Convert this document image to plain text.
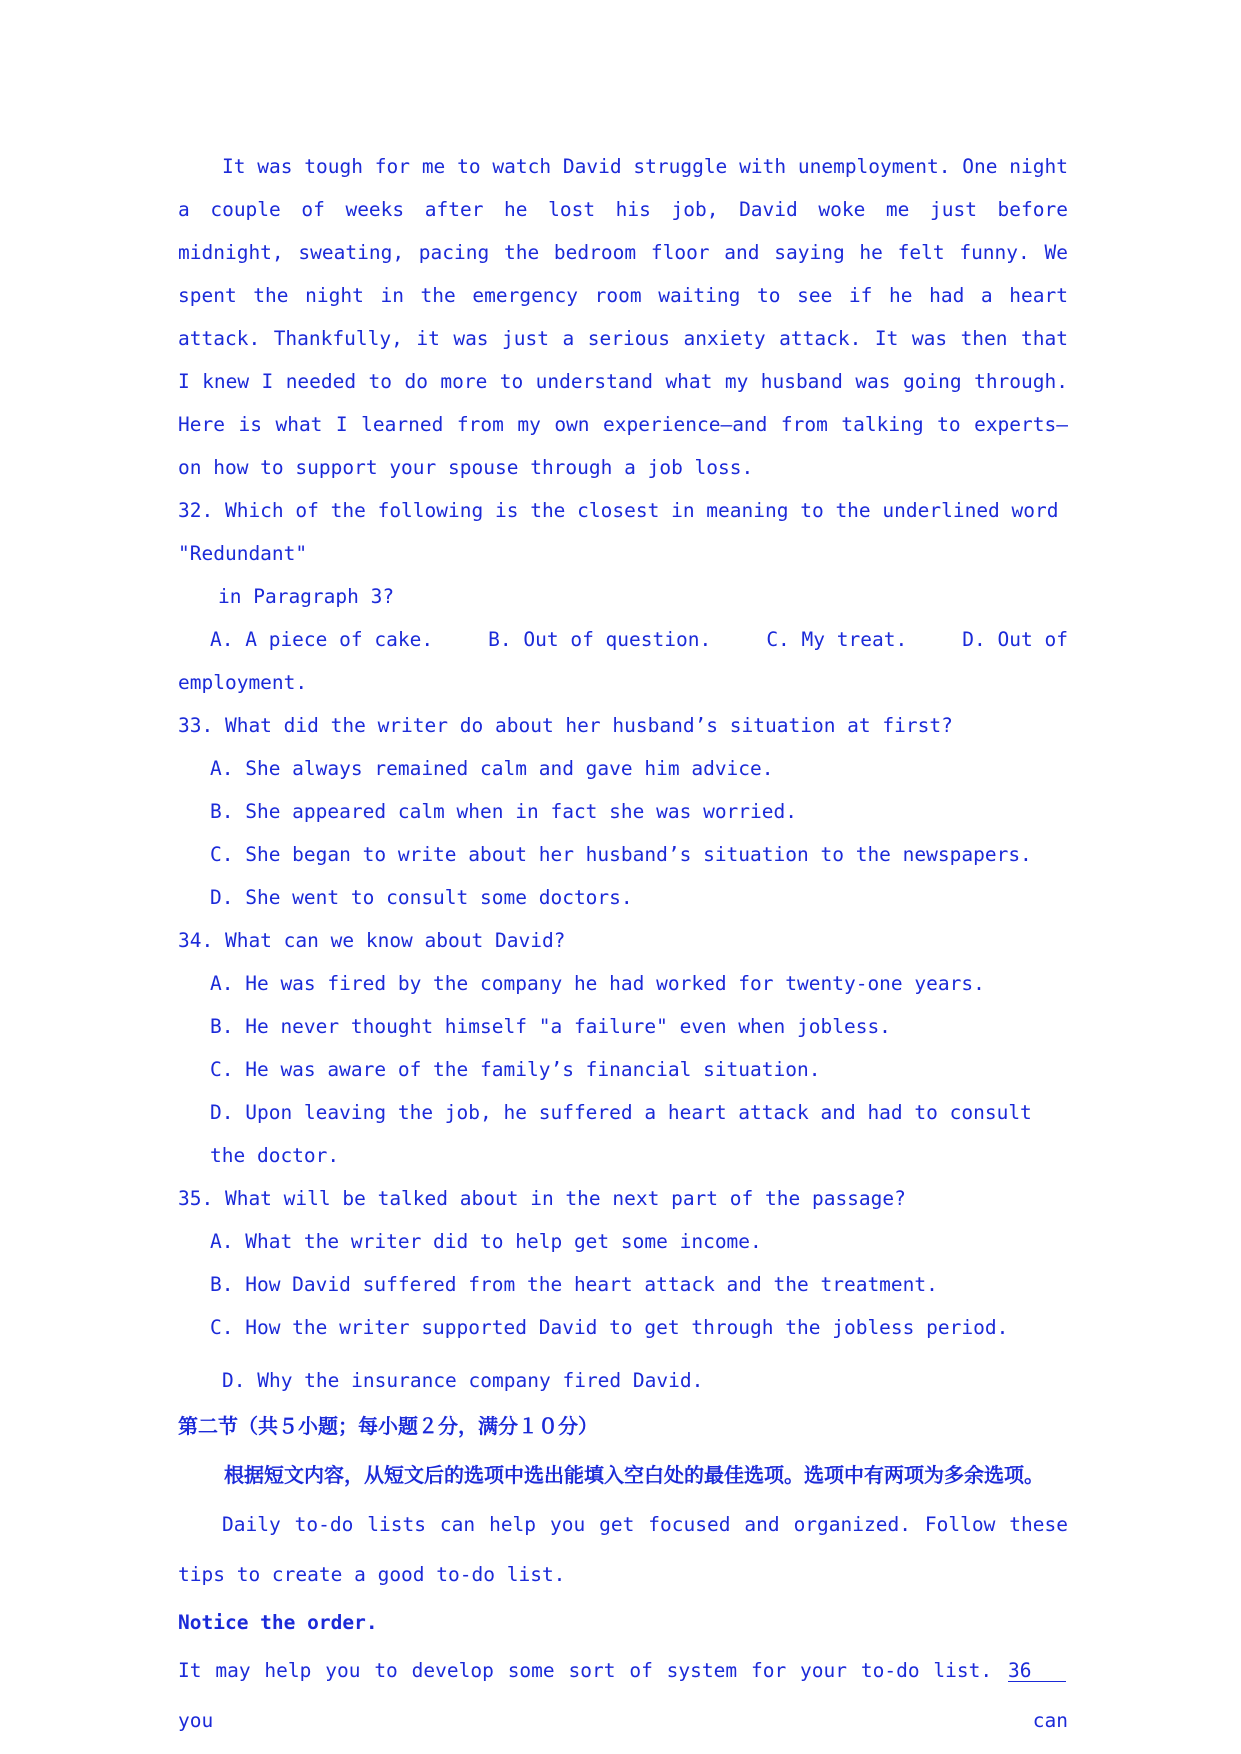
It was tough for me to watch David struggle with unemployment. One night a couple of weeks after he lost his job, David woke me just before midnight, sweating, pacing the bedroom floor and saying he felt funny. We spent the night in the emergency room waiting to see if he had a heart attack. Thankfully, it was just a serious anxiety attack. It was then that I knew I needed to do more to understand what my husband was going through. Here is what I learned from my own experience—and from talking to experts—on how to support your spouse through a job loss.

32. Which of the following is the closest in meaning to the underlined word "Redundant"

in Paragraph 3?

A. A piece of cake.	B. Out of question.	C. My treat.	D. Out of

employment.

33. What did the writer do about her husband’s situation at first?

A. She always remained calm and gave him advice.

B. She appeared calm when in fact she was worried.

C. She began to write about her husband’s situation to the newspapers.

D. She went to consult some doctors.

34. What can we know about David?

A. He was fired by the company he had worked for twenty-one years.

B. He never thought himself "a failure" even when jobless.

C. He was aware of the family’s financial situation.

D. Upon leaving the job, he suffered a heart attack and had to consult the doctor.

35. What will be talked about in the next part of the passage?

A. What the writer did to help get some income.

B. How David suffered from the heart attack and the treatment.

C. How the writer supported David to get through the jobless period.

D. Why the insurance company fired David.

第二节（共５小题；每小题２分，满分１０分）

根据短文内容，从短文后的选项中选出能填入空白处的最佳选项。选项中有两项为多余选项。

Daily to-do lists can help you get focused and organized. Follow these tips to create a good to-do list.

Notice the order.

It may help you to develop some sort of system for your to-do list. 36you can
